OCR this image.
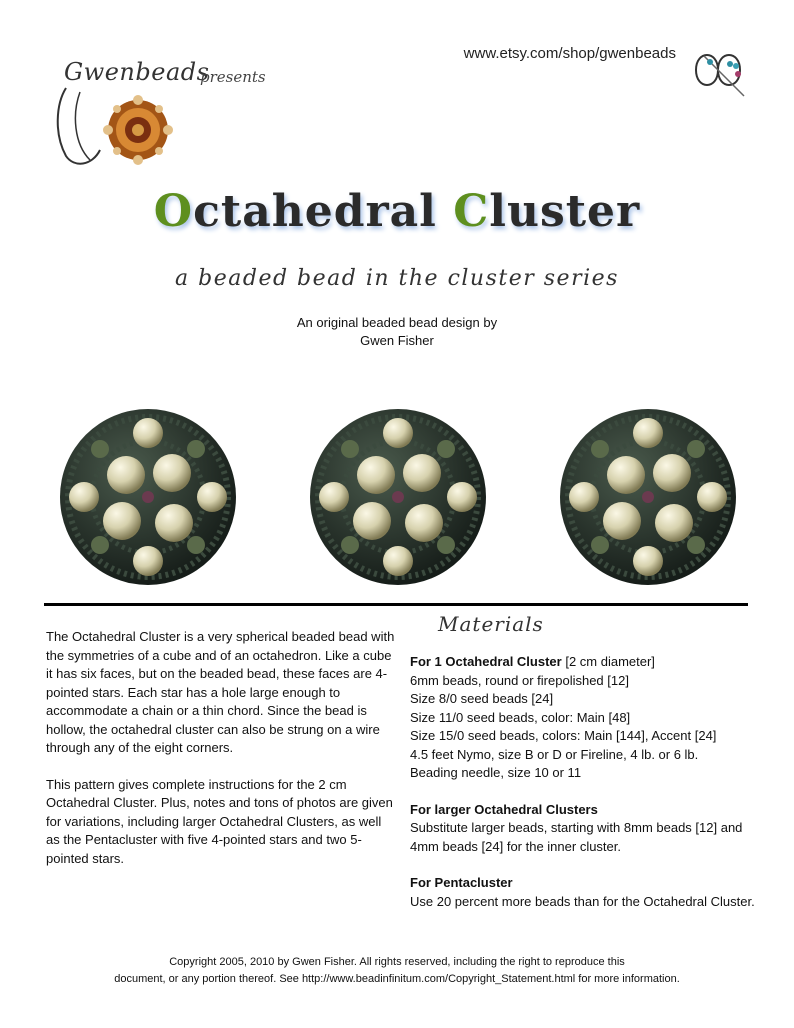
Gwenbeads
presents
www.etsy.com/shop/gwenbeads
Octahedral Cluster
a beaded bead in the cluster series
An original beaded bead design by
Gwen Fisher

The Octahedral Cluster is a very spherical beaded bead with the symmetries of a cube and of an octahedron. Like a cube it has six faces, but on the beaded bead, these faces are 4-pointed stars. Each star has a hole large enough to accommodate a chain or a thin chord. Since the bead is hollow, the octahedral cluster can also be strung on a wire through any of the eight corners.

This pattern gives complete instructions for the 2 cm Octahedral Cluster. Plus, notes and tons of photos are given for variations, including larger Octahedral Clusters, as well as the Pentacluster with five 4-pointed stars and two 5-pointed stars.

Materials

For 1 Octahedral Cluster [2 cm diameter]

6mm beads, round or firepolished [12]

Size 8/0 seed beads [24]

Size 11/0 seed beads, color: Main [48]

Size 15/0 seed beads, colors: Main [144], Accent [24]

4.5 feet Nymo, size B or D or Fireline, 4 lb. or 6 lb.

Beading needle, size 10 or 11

For larger Octahedral Clusters

Substitute larger beads, starting with 8mm beads [12] and 4mm beads [24] for the inner cluster.

For Pentacluster

Use 20 percent more beads than for the Octahedral Cluster.

Copyright 2005, 2010 by Gwen Fisher. All rights reserved, including the right to reproduce this
document, or any portion thereof. See http://www.beadinfinitum.com/Copyright_Statement.html for more information.
